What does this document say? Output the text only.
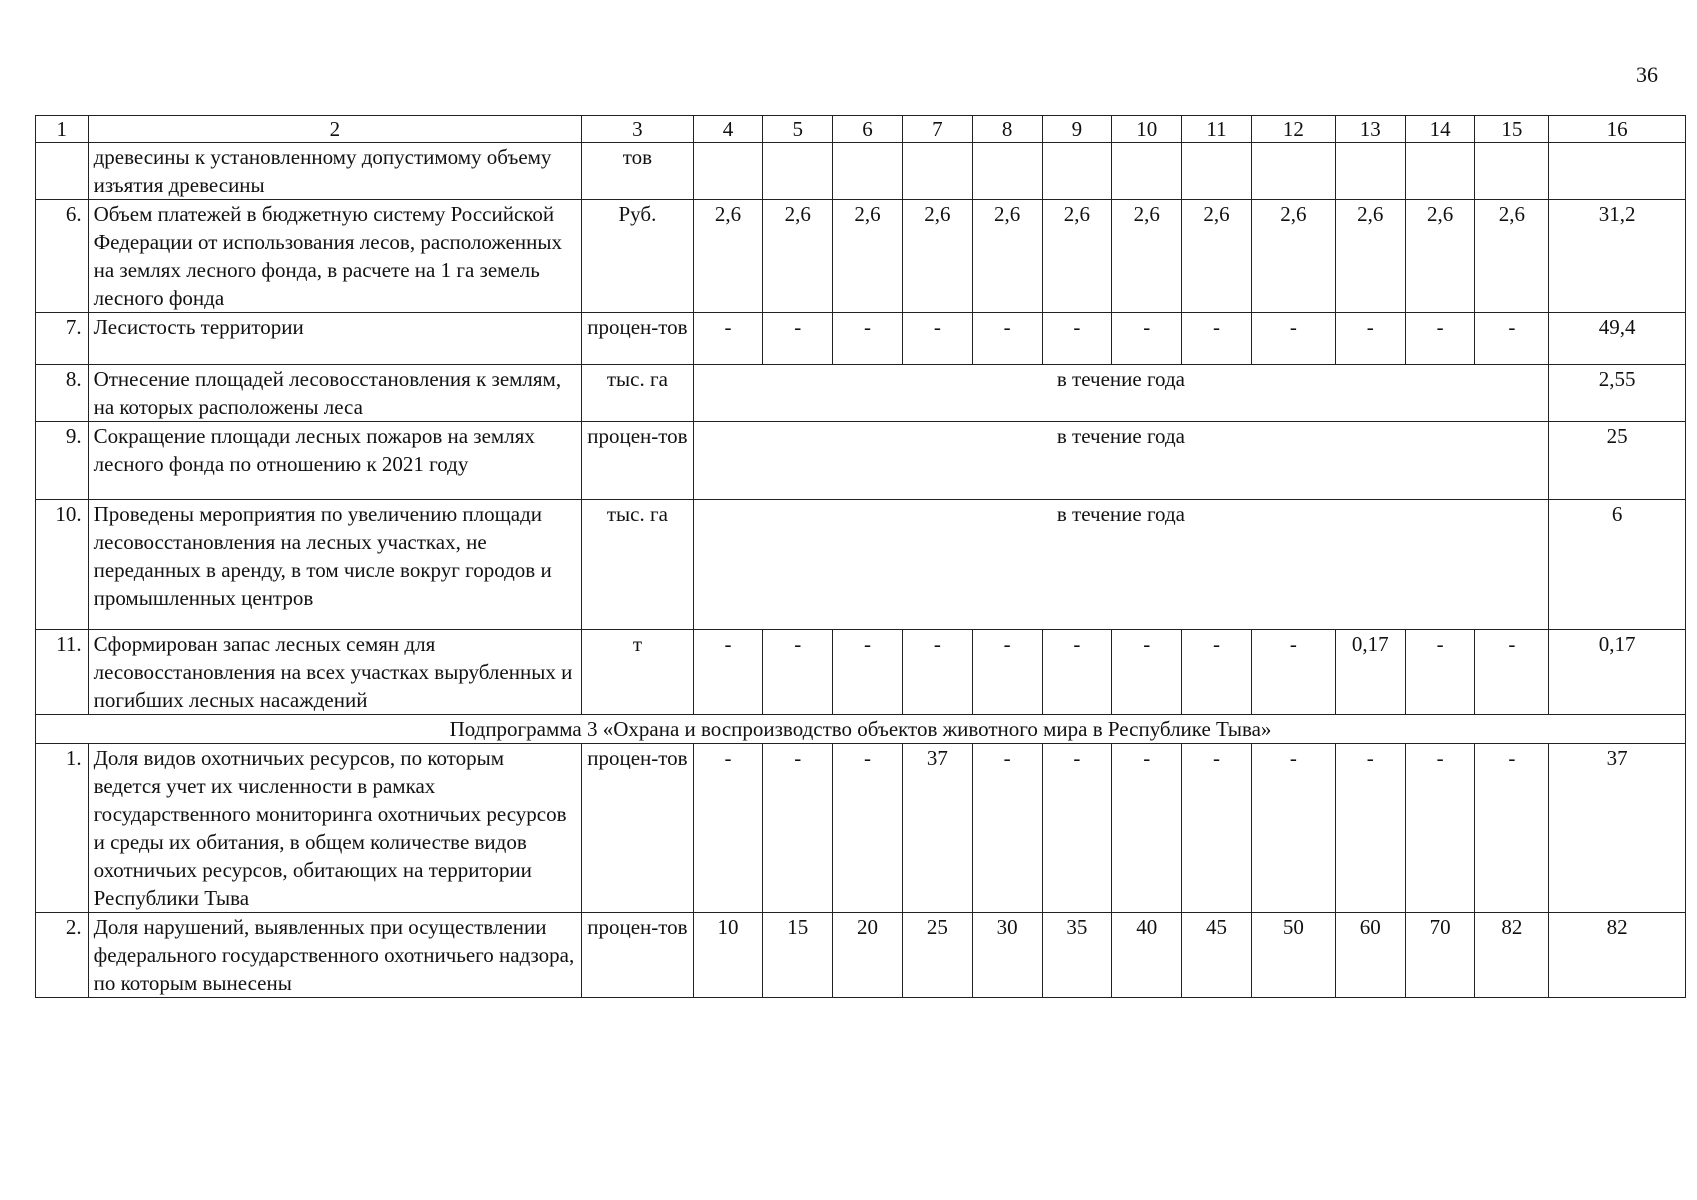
36
1	2	3	4	5	6	7	8	9	10	11	12	13	14	15	16
	древесины к установленному допустимому объему изъятия древесины	тов													
6.	Объем платежей в бюджетную систему Российской Федерации от использования лесов, расположенных на землях лесного фонда, в расчете на 1 га земель лесного фонда	Руб.	2,6	2,6	2,6	2,6	2,6	2,6	2,6	2,6	2,6	2,6	2,6	2,6	31,2
7.	Лесистость территории	процен-тов	-	-	-	-	-	-	-	-	-	-	-	-	49,4
8.	Отнесение площадей лесовосстановления к землям, на которых расположены леса	тыс. га	в течение года												2,55
9.	Сокращение площади лесных пожаров на землях лесного фонда по отношению к 2021 году	процен-тов	в течение года												25
10.	Проведены мероприятия по увеличению площади лесовосстановления на лесных участках, не переданных в аренду, в том числе вокруг городов и промышленных центров	тыс. га	в течение года												6
11.	Сформирован запас лесных семян для лесовосстановления на всех участках вырубленных и погибших лесных насаждений	т	-	-	-	-	-	-	-	-	-	0,17	-	-	0,17
Подпрограмма 3 «Охрана и воспроизводство объектов животного мира в Республике Тыва»															
1.	Доля видов охотничьих ресурсов, по которым ведется учет их численности в рамках государственного мониторинга охотничьих ресурсов и среды их обитания, в общем количестве видов охотничьих ресурсов, обитающих на территории Республики Тыва	процен-тов	-	-	-	37	-	-	-	-	-	-	-	-	37
2.	Доля нарушений, выявленных при осуществлении федерального государственного охотничьего надзора, по которым вынесены	процен-тов	10	15	20	25	30	35	40	45	50	60	70	82	82
